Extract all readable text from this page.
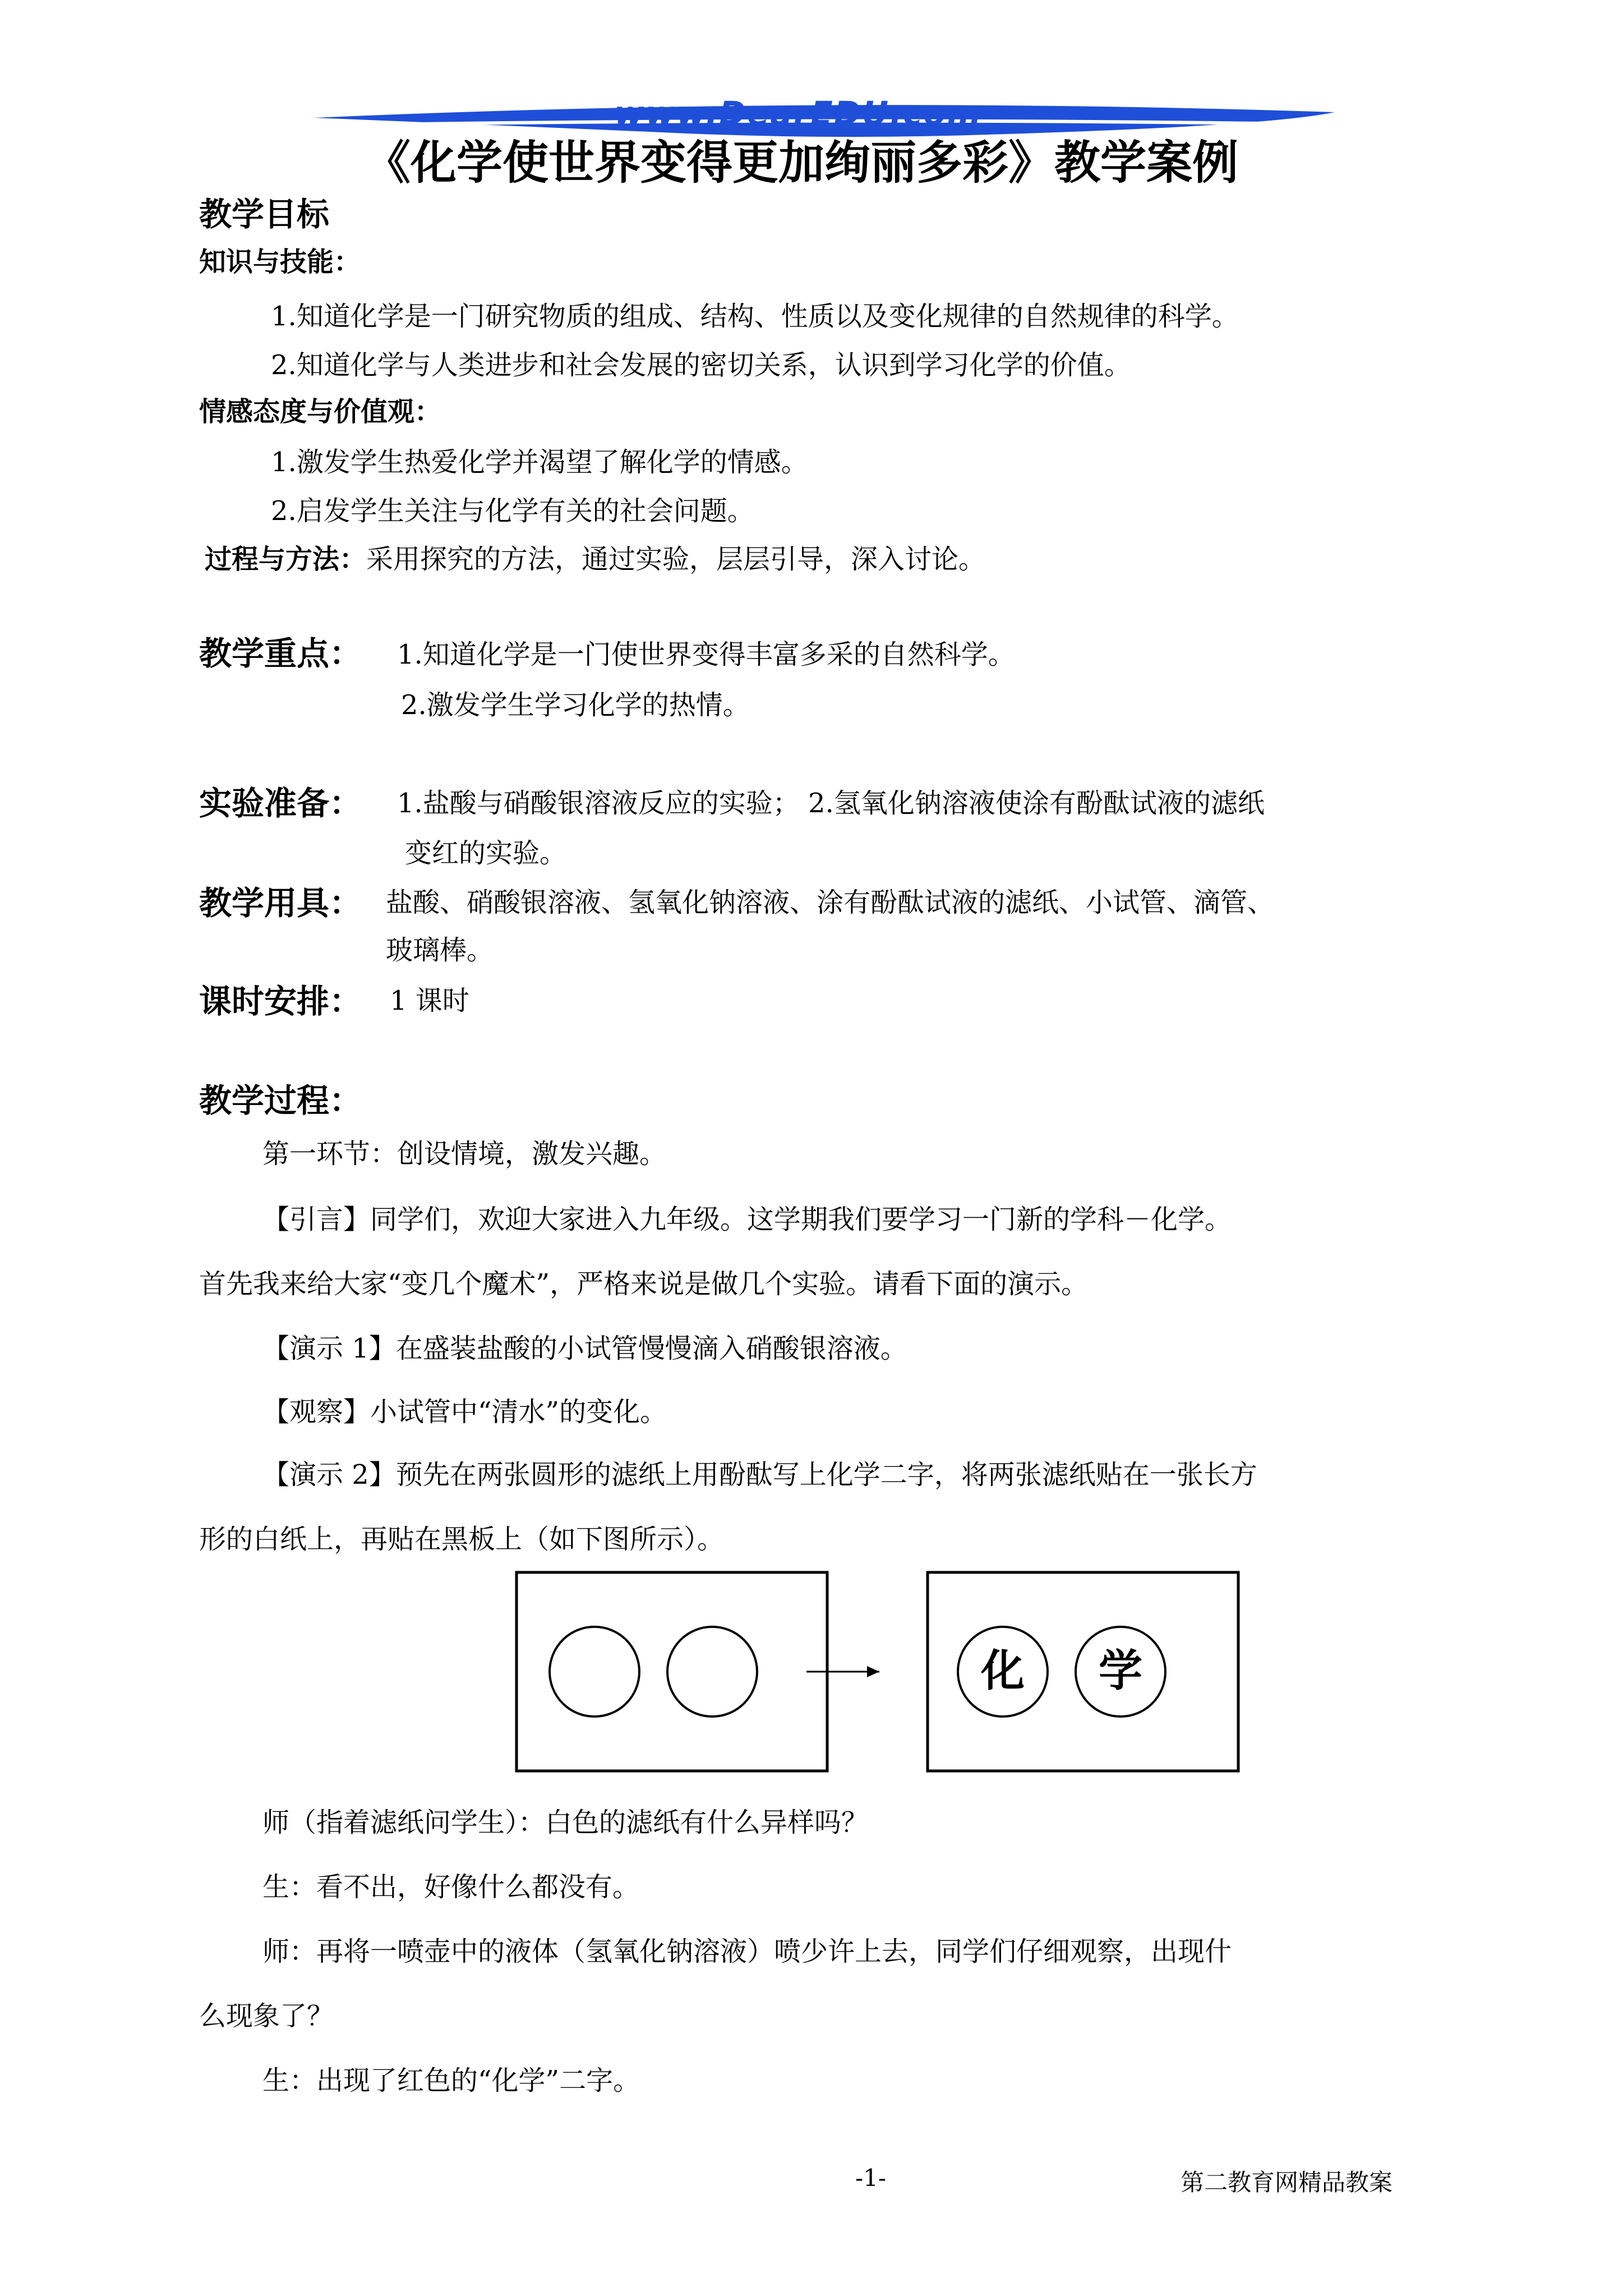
www.DearEDU.com
《化学使世界变得更加绚丽多彩》教学案例
教学目标
知识与技能：
1.知道化学是一门研究物质的组成、结构、性质以及变化规律的自然规律的科学。
2.知道化学与人类进步和社会发展的密切关系，认识到学习化学的价值。
情感态度与价值观：
1.激发学生热爱化学并渴望了解化学的情感。
2.启发学生关注与化学有关的社会问题。
过程与方法：采用探究的方法，通过实验，层层引导，深入讨论。
教学重点： 1.知道化学是一门使世界变得丰富多采的自然科学。
2.激发学生学习化学的热情。
实验准备： 1.盐酸与硝酸银溶液反应的实验； 2.氢氧化钠溶液使涂有酚酞试液的滤纸
变红的实验。
教学用具： 盐酸、硝酸银溶液、氢氧化钠溶液、涂有酚酞试液的滤纸、小试管、滴管、
玻璃棒。
课时安排： 1 课时
教学过程：
第一环节：创设情境，激发兴趣。
【引言】同学们，欢迎大家进入九年级。这学期我们要学习一门新的学科－化学。
首先我来给大家“变几个魔术”，严格来说是做几个实验。请看下面的演示。
【演示 1】在盛装盐酸的小试管慢慢滴入硝酸银溶液。
【观察】小试管中“清水”的变化。
【演示 2】预先在两张圆形的滤纸上用酚酞写上化学二字，将两张滤纸贴在一张长方
形的白纸上，再贴在黑板上（如下图所示）。
化 学
师（指着滤纸问学生）：白色的滤纸有什么异样吗？
生：看不出，好像什么都没有。
师：再将一喷壶中的液体（氢氧化钠溶液）喷少许上去，同学们仔细观察，出现什
么现象了？
生：出现了红色的“化学”二字。
-1-	第二教育网精品教案
